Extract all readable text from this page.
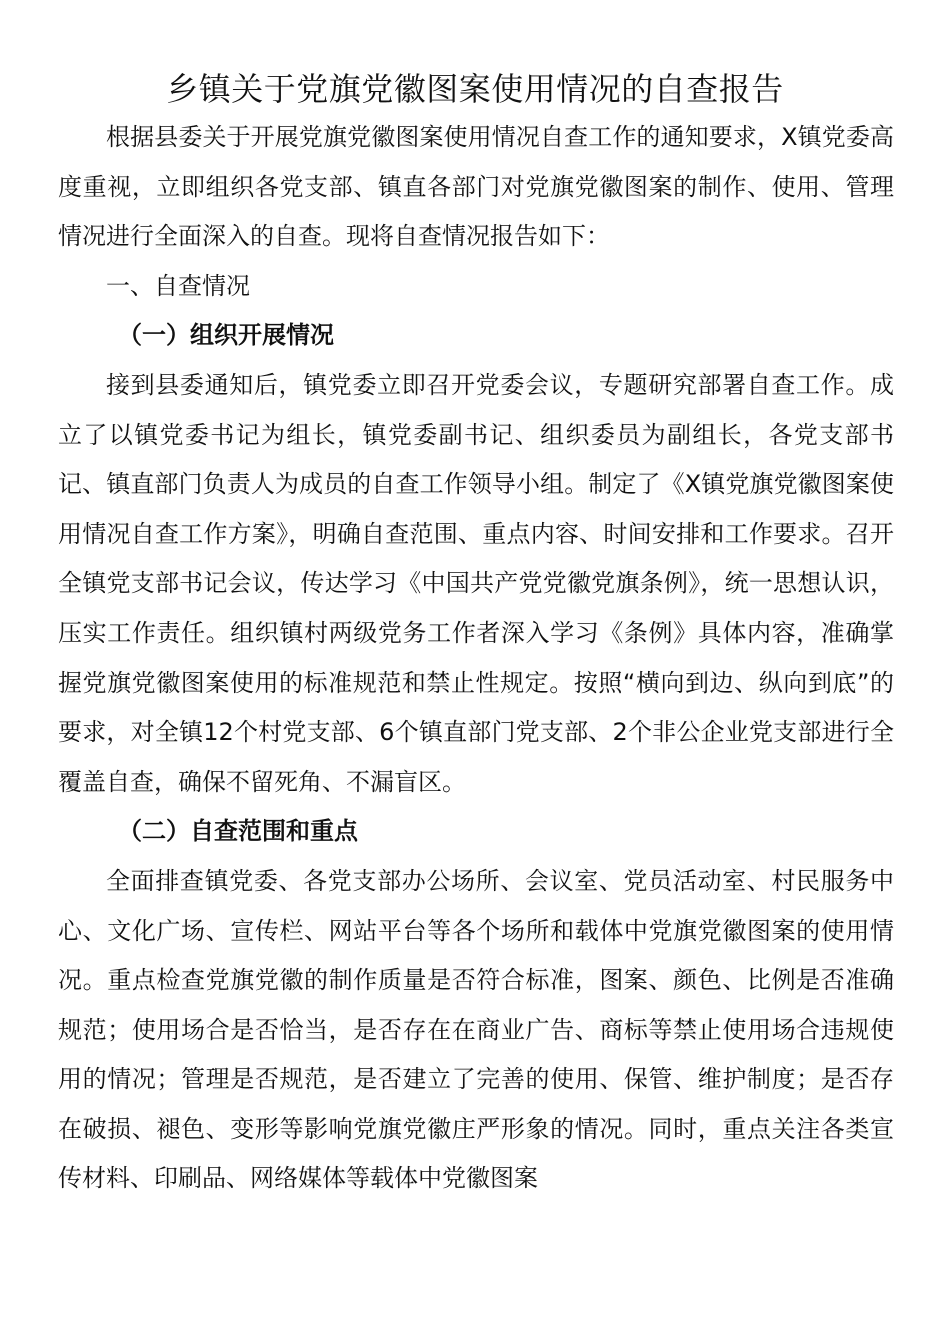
乡镇关于党旗党徽图案使用情况的自查报告

根据县委关于开展党旗党徽图案使用情况自查工作的通知要求，X镇党委高度重视，立即组织各党支部、镇直各部门对党旗党徽图案的制作、使用、管理情况进行全面深入的自查。现将自查情况报告如下：

一、自查情况
（一）组织开展情况

接到县委通知后，镇党委立即召开党委会议，专题研究部署自查工作。成立了以镇党委书记为组长，镇党委副书记、组织委员为副组长，各党支部书记、镇直部门负责人为成员的自查工作领导小组。制定了《X镇党旗党徽图案使用情况自查工作方案》，明确自查范围、重点内容、时间安排和工作要求。召开全镇党支部书记会议，传达学习《中国共产党党徽党旗条例》，统一思想认识，压实工作责任。组织镇村两级党务工作者深入学习《条例》具体内容，准确掌握党旗党徽图案使用的标准规范和禁止性规定。按照“横向到边、纵向到底”的要求，对全镇12个村党支部、6个镇直部门党支部、2个非公企业党支部进行全覆盖自查，确保不留死角、不漏盲区。

（二）自查范围和重点

全面排查镇党委、各党支部办公场所、会议室、党员活动室、村民服务中心、文化广场、宣传栏、网站平台等各个场所和载体中党旗党徽图案的使用情况。重点检查党旗党徽的制作质量是否符合标准，图案、颜色、比例是否准确规范；使用场合是否恰当，是否存在在商业广告、商标等禁止使用场合违规使用的情况；管理是否规范，是否建立了完善的使用、保管、维护制度；是否存在破损、褪色、变形等影响党旗党徽庄严形象的情况。同时，重点关注各类宣传材料、印刷品、网络媒体等载体中党徽图案
